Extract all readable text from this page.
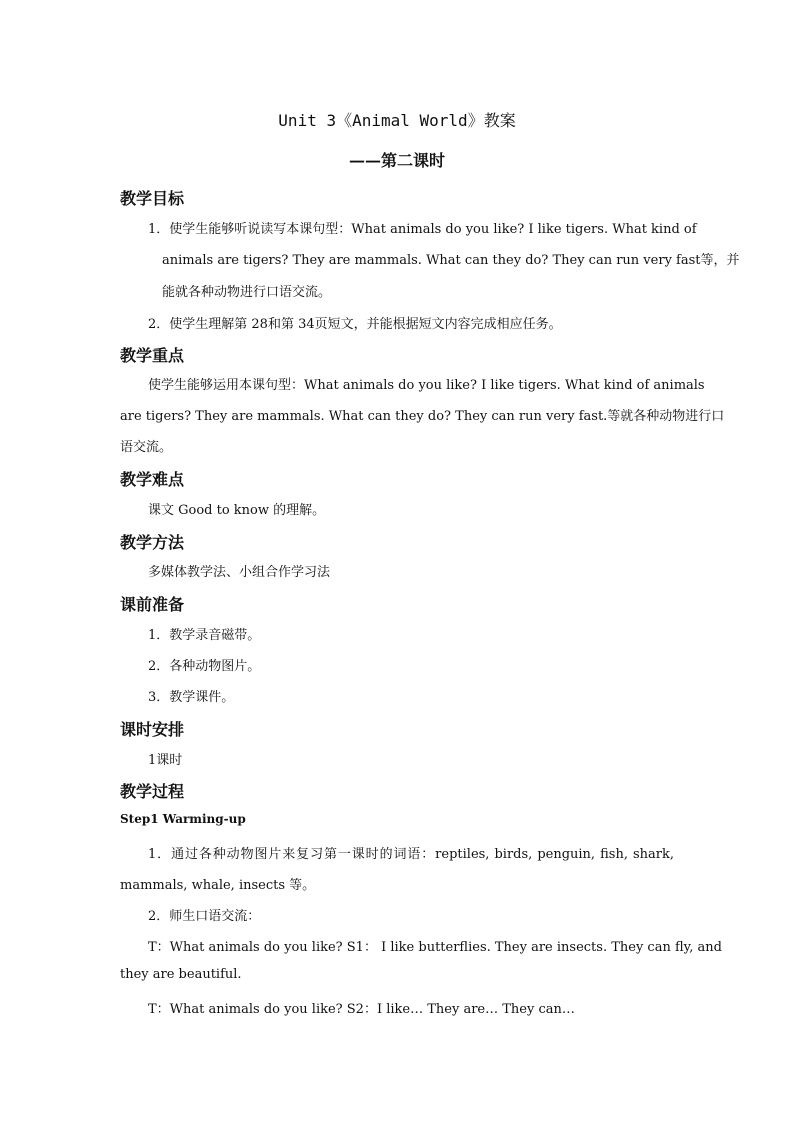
Unit 3《Animal World》教案
——第二课时
教学目标
1．使学生能够听说读写本课句型：What animals do you like? I like tigers. What kind of
animals are tigers? They are mammals. What can they do? They can run very fast等，并
能就各种动物进行口语交流。
2．使学生理解第 28和第 34页短文，并能根据短文内容完成相应任务。
教学重点
使学生能够运用本课句型：What animals do you like? I like tigers. What kind of animals
are tigers? They are mammals. What can they do? They can run very fast.等就各种动物进行口
语交流。
教学难点
课文 Good to know 的理解。
教学方法
多媒体教学法、小组合作学习法
课前准备
1．教学录音磁带。
2．各种动物图片。
3．教学课件。
课时安排
1课时
教学过程
Step1 Warming-up
1．通过各种动物图片来复习第一课时的词语：reptiles, birds, penguin, fish, shark,
mammals, whale, insects 等。
2．师生口语交流：
T：What animals do you like? S1： I like butterflies. They are insects. They can fly, and
they are beautiful.
T：What animals do you like? S2：I like… They are… They can…
